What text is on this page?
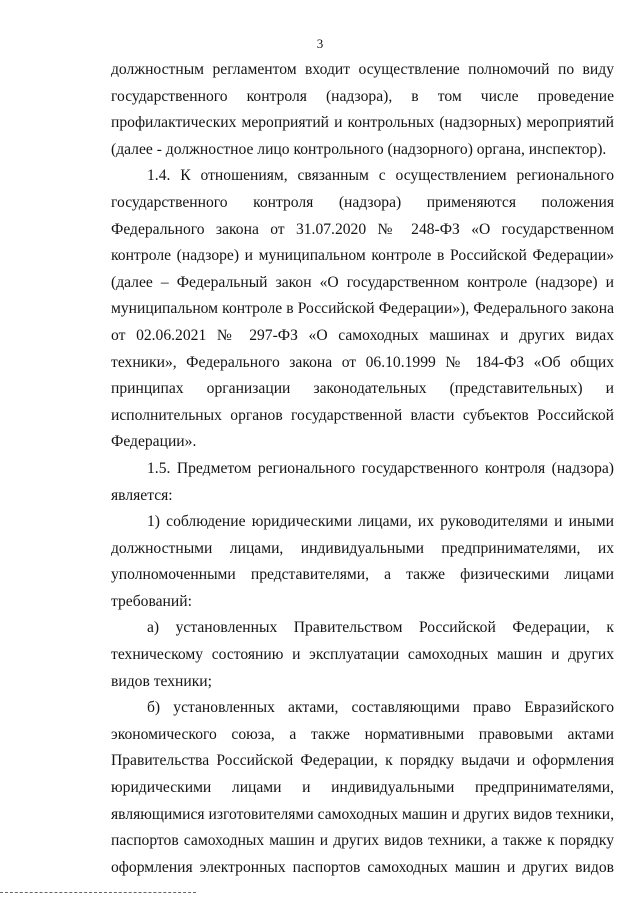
3

должностным регламентом входит осуществление полномочий по виду государственного контроля (надзора), в том числе проведение профилактических мероприятий и контрольных (надзорных) мероприятий (далее - должностное лицо контрольного (надзорного) органа, инспектор).

1.4. К отношениям, связанным с осуществлением регионального государственного контроля (надзора) применяются положения Федерального закона от 31.07.2020 № 248-ФЗ «О государственном контроле (надзоре) и муниципальном контроле в Российской Федерации» (далее – Федеральный закон «О государственном контроле (надзоре) и муниципальном контроле в Российской Федерации»), Федерального закона от 02.06.2021 № 297-ФЗ «О самоходных машинах и других видах техники», Федерального закона от 06.10.1999 № 184-ФЗ «Об общих принципах организации законодательных (представительных) и исполнительных органов государственной власти субъектов Российской Федерации».

1.5. Предметом регионального государственного контроля (надзора) является:

1) соблюдение юридическими лицами, их руководителями и иными должностными лицами, индивидуальными предпринимателями, их уполномоченными представителями, а также физическими лицами требований:

а) установленных Правительством Российской Федерации, к техническому состоянию и эксплуатации самоходных машин и других видов техники;

б) установленных актами, составляющими право Евразийского экономического союза, а также нормативными правовыми актами Правительства Российской Федерации, к порядку выдачи и оформления юридическими лицами и индивидуальными предпринимателями, являющимися изготовителями самоходных машин и других видов техники, паспортов самоходных машин и других видов техники, а также к порядку оформления электронных паспортов самоходных машин и других видов
